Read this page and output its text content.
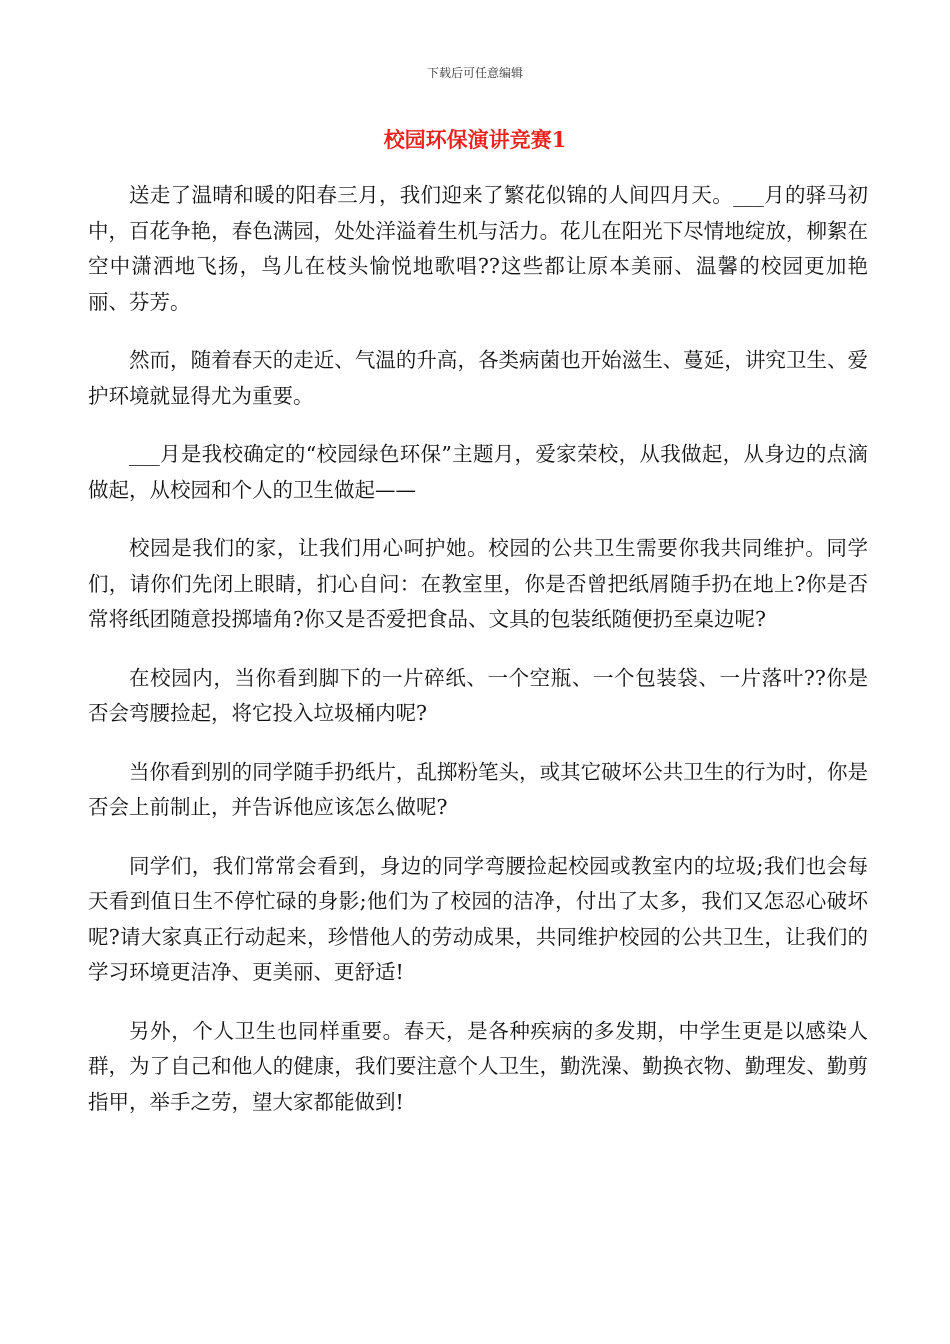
下载后可任意编辑
校园环保演讲竞赛1

送走了温晴和暖的阳春三月，我们迎来了繁花似锦的人间四月天。___月的驿马初中，百花争艳，春色满园，处处洋溢着生机与活力。花儿在阳光下尽情地绽放，柳絮在空中潇洒地飞扬，鸟儿在枝头愉悦地歌唱??这些都让原本美丽、温馨的校园更加艳丽、芬芳。

然而，随着春天的走近、气温的升高，各类病菌也开始滋生、蔓延，讲究卫生、爱护环境就显得尤为重要。

___月是我校确定的“校园绿色环保”主题月，爱家荣校，从我做起，从身边的点滴做起，从校园和个人的卫生做起——

校园是我们的家，让我们用心呵护她。校园的公共卫生需要你我共同维护。同学们，请你们先闭上眼睛，扪心自问：在教室里，你是否曾把纸屑随手扔在地上?你是否常将纸团随意投掷墙角?你又是否爱把食品、文具的包装纸随便扔至桌边呢?

在校园内，当你看到脚下的一片碎纸、一个空瓶、一个包装袋、一片落叶??你是否会弯腰捡起，将它投入垃圾桶内呢?

当你看到别的同学随手扔纸片，乱掷粉笔头，或其它破坏公共卫生的行为时，你是否会上前制止，并告诉他应该怎么做呢?

同学们，我们常常会看到，身边的同学弯腰捡起校园或教室内的垃圾;我们也会每天看到值日生不停忙碌的身影;他们为了校园的洁净，付出了太多，我们又怎忍心破坏呢?请大家真正行动起来，珍惜他人的劳动成果，共同维护校园的公共卫生，让我们的学习环境更洁净、更美丽、更舒适!

另外，个人卫生也同样重要。春天，是各种疾病的多发期，中学生更是以感染人群，为了自己和他人的健康，我们要注意个人卫生，勤洗澡、勤换衣物、勤理发、勤剪指甲，举手之劳，望大家都能做到!
